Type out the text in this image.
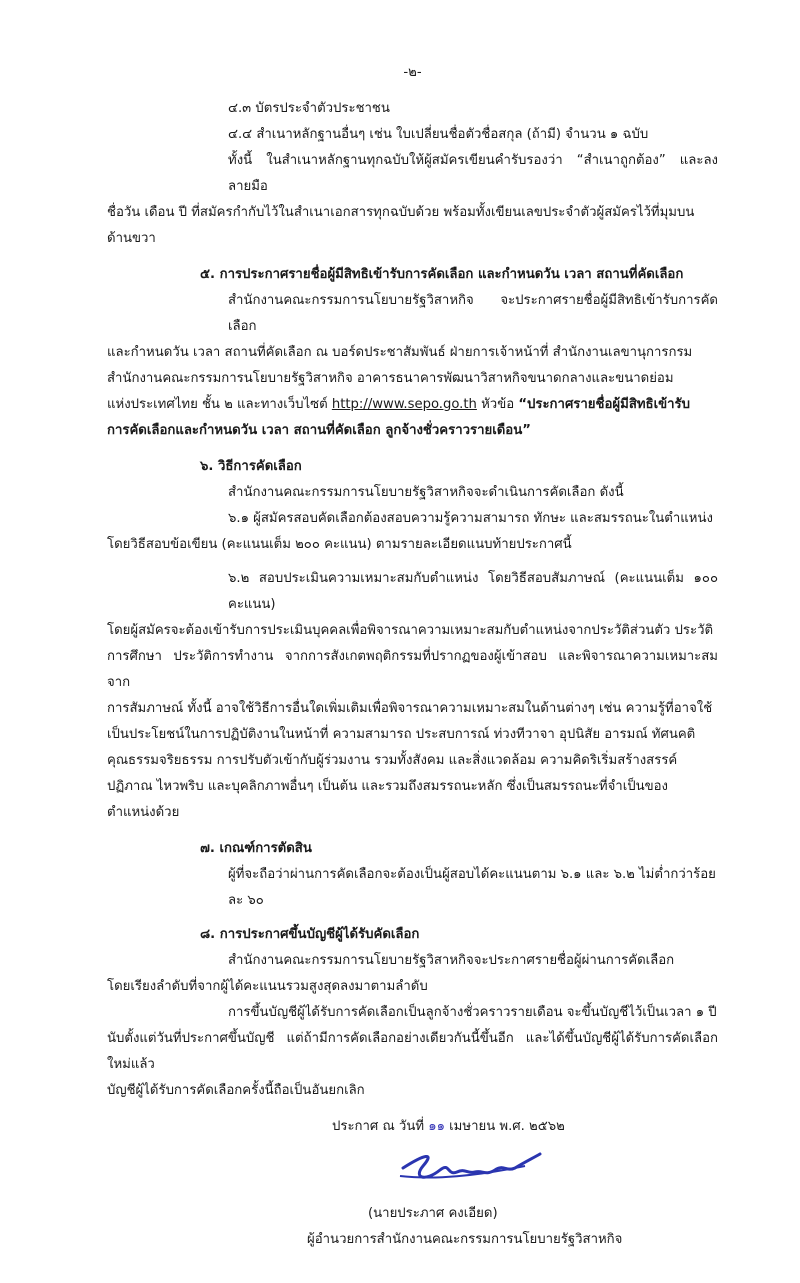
-๒-
๔.๓ บัตรประจำตัวประชาชน
๔.๔ สำเนาหลักฐานอื่นๆ เช่น ใบเปลี่ยนชื่อตัวชื่อสกุล (ถ้ามี) จำนวน ๑ ฉบับ
ทั้งนี้ ในสำเนาหลักฐานทุกฉบับให้ผู้สมัครเขียนคำรับรองว่า “สำเนาถูกต้อง” และลงลายมือ
ชื่อวัน เดือน ปี ที่สมัครกำกับไว้ในสำเนาเอกสารทุกฉบับด้วย พร้อมทั้งเขียนเลขประจำตัวผู้สมัครไว้ที่มุมบน
ด้านขวา
๕. การประกาศรายชื่อผู้มีสิทธิเข้ารับการคัดเลือก และกำหนดวัน เวลา สถานที่คัดเลือก
สำนักงานคณะกรรมการนโยบายรัฐวิสาหกิจ จะประกาศรายชื่อผู้มีสิทธิเข้ารับการคัดเลือก
และกำหนดวัน เวลา สถานที่คัดเลือก ณ บอร์ดประชาสัมพันธ์ ฝ่ายการเจ้าหน้าที่ สำนักงานเลขานุการกรม
สำนักงานคณะกรรมการนโยบายรัฐวิสาหกิจ อาคารธนาคารพัฒนาวิสาหกิจขนาดกลางและขนาดย่อม
แห่งประเทศไทย ชั้น ๒ และทางเว็บไซต์ http://www.sepo.go.th หัวข้อ “ประกาศรายชื่อผู้มีสิทธิเข้ารับ
การคัดเลือกและกำหนดวัน เวลา สถานที่คัดเลือก ลูกจ้างชั่วคราวรายเดือน”
๖. วิธีการคัดเลือก
สำนักงานคณะกรรมการนโยบายรัฐวิสาหกิจจะดำเนินการคัดเลือก ดังนี้
๖.๑ ผู้สมัครสอบคัดเลือกต้องสอบความรู้ความสามารถ ทักษะ และสมรรถนะในตำแหน่ง
โดยวิธีสอบข้อเขียน (คะแนนเต็ม ๒๐๐ คะแนน) ตามรายละเอียดแนบท้ายประกาศนี้
๖.๒ สอบประเมินความเหมาะสมกับตำแหน่ง โดยวิธีสอบสัมภาษณ์ (คะแนนเต็ม ๑๐๐ คะแนน)
โดยผู้สมัครจะต้องเข้ารับการประเมินบุคคลเพื่อพิจารณาความเหมาะสมกับตำแหน่งจากประวัติส่วนตัว ประวัติ
การศึกษา ประวัติการทำงาน จากการสังเกตพฤติกรรมที่ปรากฏของผู้เข้าสอบ และพิจารณาความเหมาะสมจาก
การสัมภาษณ์ ทั้งนี้ อาจใช้วิธีการอื่นใดเพิ่มเติมเพื่อพิจารณาความเหมาะสมในด้านต่างๆ เช่น ความรู้ที่อาจใช้
เป็นประโยชน์ในการปฏิบัติงานในหน้าที่ ความสามารถ ประสบการณ์ ท่วงทีวาจา อุปนิสัย อารมณ์ ทัศนคติ
คุณธรรมจริยธรรม การปรับตัวเข้ากับผู้ร่วมงาน รวมทั้งสังคม และสิ่งแวดล้อม ความคิดริเริ่มสร้างสรรค์
ปฏิภาณ ไหวพริบ และบุคลิกภาพอื่นๆ เป็นต้น และรวมถึงสมรรถนะหลัก ซึ่งเป็นสมรรถนะที่จำเป็นของ
ตำแหน่งด้วย
๗. เกณฑ์การตัดสิน
ผู้ที่จะถือว่าผ่านการคัดเลือกจะต้องเป็นผู้สอบได้คะแนนตาม ๖.๑ และ ๖.๒ ไม่ต่ำกว่าร้อยละ ๖๐
๘. การประกาศขึ้นบัญชีผู้ได้รับคัดเลือก
สำนักงานคณะกรรมการนโยบายรัฐวิสาหกิจจะประกาศรายชื่อผู้ผ่านการคัดเลือก
โดยเรียงลำดับที่จากผู้ได้คะแนนรวมสูงสุดลงมาตามลำดับ
การขึ้นบัญชีผู้ได้รับการคัดเลือกเป็นลูกจ้างชั่วคราวรายเดือน จะขึ้นบัญชีไว้เป็นเวลา ๑ ปี
นับตั้งแต่วันที่ประกาศขึ้นบัญชี แต่ถ้ามีการคัดเลือกอย่างเดียวกันนี้ขึ้นอีก และได้ขึ้นบัญชีผู้ได้รับการคัดเลือกใหม่แล้ว
บัญชีผู้ได้รับการคัดเลือกครั้งนี้ถือเป็นอันยกเลิก
ประกาศ ณ วันที่ ๑๑ เมษายน พ.ศ. ๒๕๖๒
(นายประภาศ คงเอียด)
ผู้อำนวยการสำนักงานคณะกรรมการนโยบายรัฐวิสาหกิจ
